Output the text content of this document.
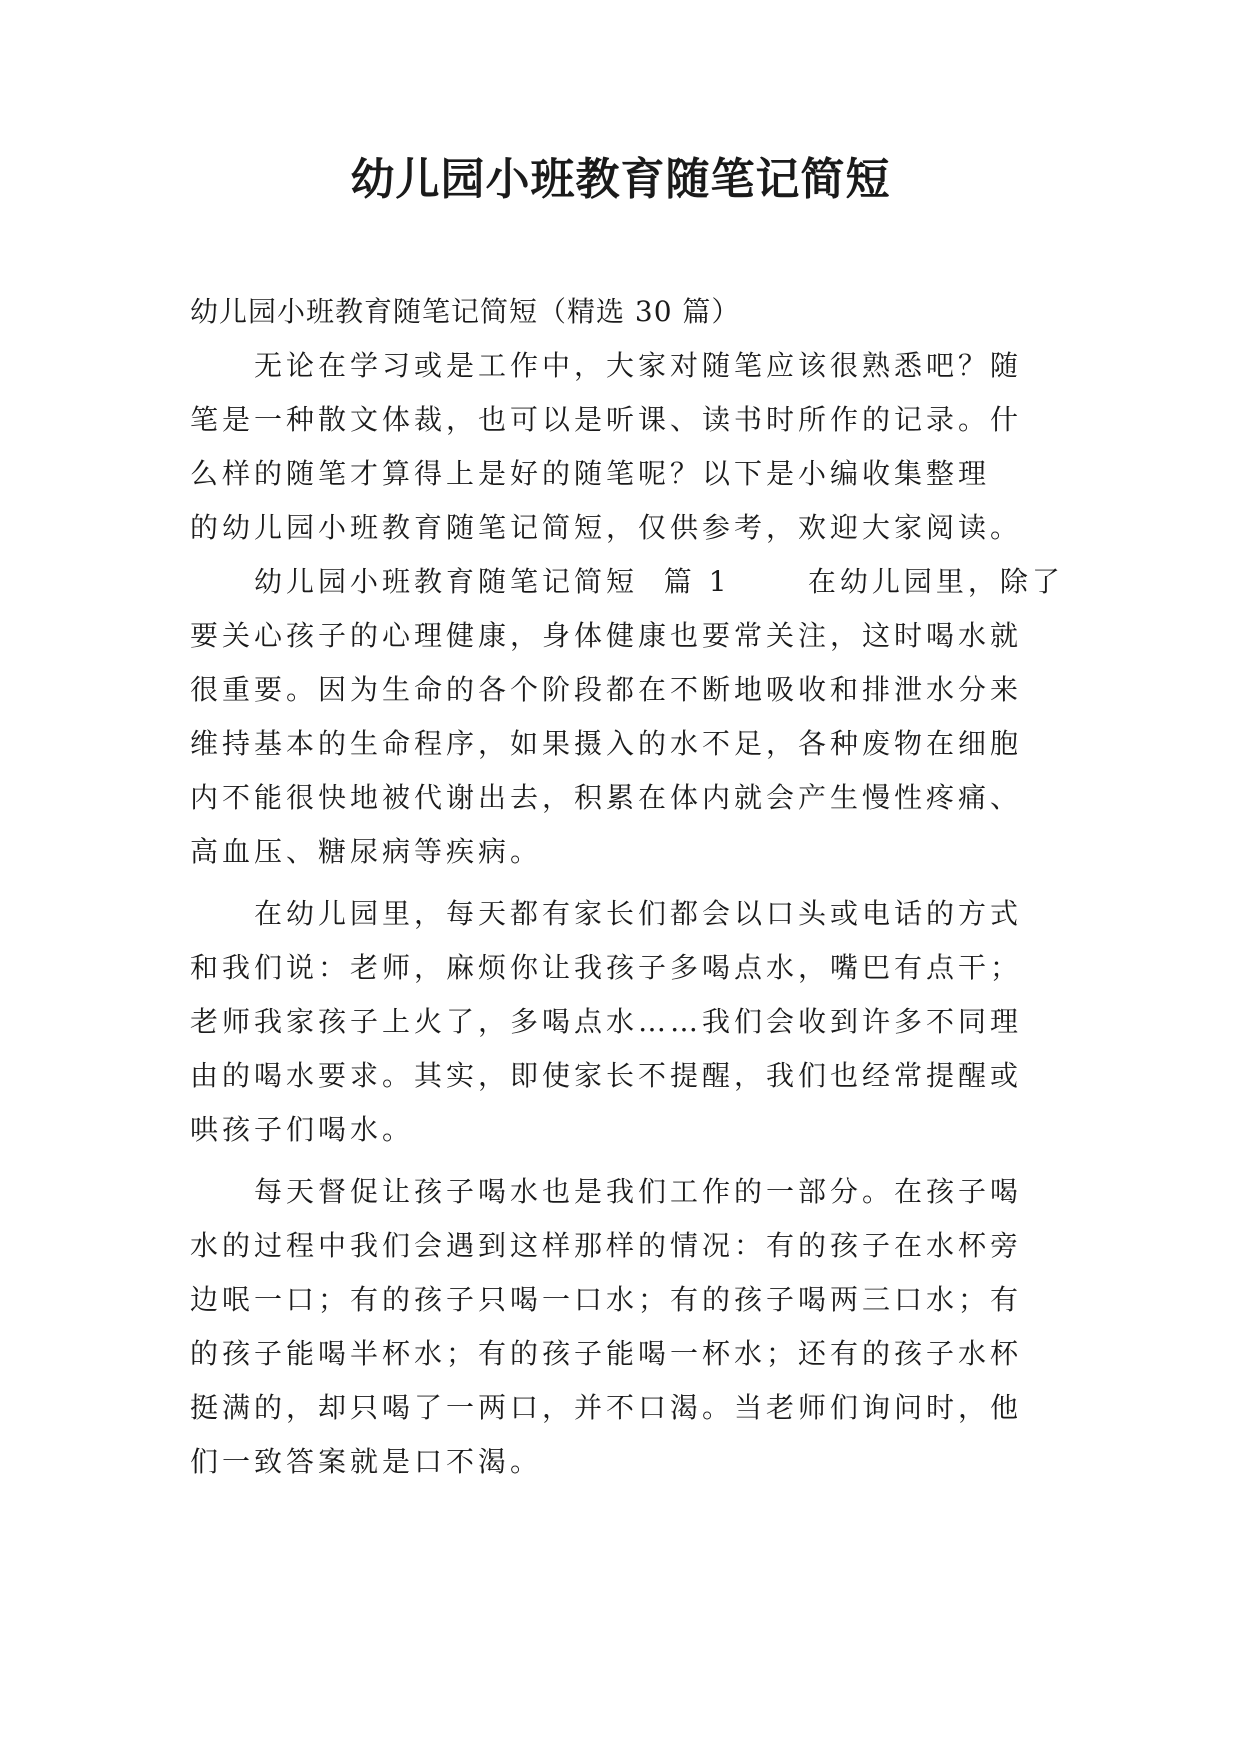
幼儿园小班教育随笔记简短
幼儿园小班教育随笔记简短（精选 30 篇）
无论在学习或是工作中，大家对随笔应该很熟悉吧？随
笔是一种散文体裁，也可以是听课、读书时所作的记录。什
么样的随笔才算得上是好的随笔呢？以下是小编收集整理
的幼儿园小班教育随笔记简短，仅供参考，欢迎大家阅读。
幼儿园小班教育随笔记简短  篇 1      在幼儿园里，除了
要关心孩子的心理健康，身体健康也要常关注，这时喝水就
很重要。因为生命的各个阶段都在不断地吸收和排泄水分来
维持基本的生命程序，如果摄入的水不足，各种废物在细胞
内不能很快地被代谢出去，积累在体内就会产生慢性疼痛、
高血压、糖尿病等疾病。
在幼儿园里，每天都有家长们都会以口头或电话的方式
和我们说：老师，麻烦你让我孩子多喝点水，嘴巴有点干；
老师我家孩子上火了，多喝点水……我们会收到许多不同理
由的喝水要求。其实，即使家长不提醒，我们也经常提醒或
哄孩子们喝水。
每天督促让孩子喝水也是我们工作的一部分。在孩子喝
水的过程中我们会遇到这样那样的情况：有的孩子在水杯旁
边呡一口；有的孩子只喝一口水；有的孩子喝两三口水；有
的孩子能喝半杯水；有的孩子能喝一杯水；还有的孩子水杯
挺满的，却只喝了一两口，并不口渴。当老师们询问时，他
们一致答案就是口不渴。
